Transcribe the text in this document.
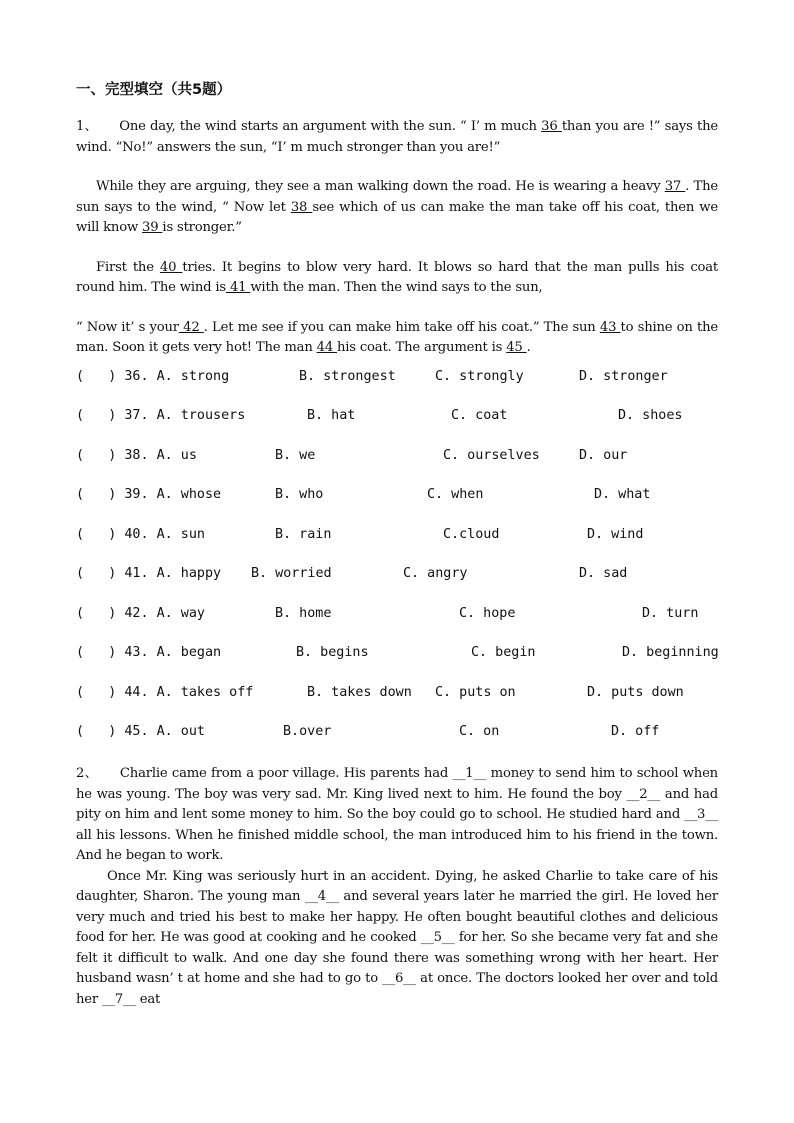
一、完型填空（共5题）

1、 One day, the wind starts an argument with the sun. “ I’ m much 36 than you are !” says the wind. “No!” answers the sun, “I’ m much stronger than you are!”

While they are arguing, they see a man walking down the road. He is wearing a heavy 37 . The sun says to the wind, “ Now let 38 see which of us can make the man take off his coat, then we will know 39 is stronger.”

First the 40 tries. It begins to blow very hard. It blows so hard that the man pulls his coat round him. The wind is 41 with the man. Then the wind says to the sun,

“ Now it’ s your 42 . Let me see if you can make him take off his coat.” The sun 43 to shine on the man. Soon it gets very hot! The man 44 his coat. The argument is 45 .

(   ) 36. A. strong	B. strongest	C. strongly	D. stronger
(   ) 37. A. trousers	B. hat	C. coat	D. shoes
(   ) 38. A. us	B. we	C. ourselves	D. our
(   ) 39. A. whose	B. who	C. when	D. what
(   ) 40. A. sun	B. rain	C.cloud	D. wind
(   ) 41. A. happy B. worried	C. angry	D. sad
(   ) 42. A. way	B. home	C. hope	D. turn
(   ) 43. A. began	B. begins	C. begin	D. beginning
(   ) 44. A. takes off	B. takes down C. puts on	D. puts down
(   ) 45. A. out	B.over	C. on	D. off

2、 Charlie came from a poor village. His parents had __1__ money to send him to school when he was young. The boy was very sad. Mr. King lived next to him. He found the boy __2__ and had pity on him and lent some money to him. So the boy could go to school. He studied hard and __3__ all his lessons. When he finished middle school, the man introduced him to his friend in the town. And he began to work.

Once Mr. King was seriously hurt in an accident. Dying, he asked Charlie to take care of his daughter, Sharon. The young man __4__ and several years later he married the girl. He loved her very much and tried his best to make her happy. He often bought beautiful clothes and delicious food for her. He was good at cooking and he cooked __5__ for her. So she became very fat and she felt it difficult to walk. And one day she found there was something wrong with her heart. Her husband wasn’ t at home and she had to go to __6__ at once. The doctors looked her over and told her __7__ eat
